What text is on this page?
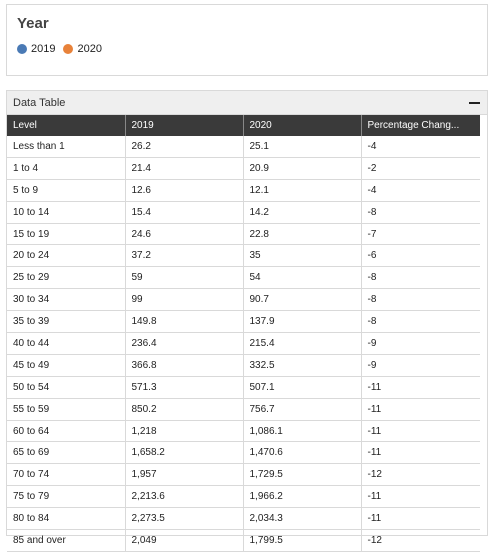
Year
2019 2020
Data Table
Level	2019	2020	Percentage Chang...
Less than 1	26.2	25.1	-4
1 to 4	21.4	20.9	-2
5 to 9	12.6	12.1	-4
10 to 14	15.4	14.2	-8
15 to 19	24.6	22.8	-7
20 to 24	37.2	35	-6
25 to 29	59	54	-8
30 to 34	99	90.7	-8
35 to 39	149.8	137.9	-8
40 to 44	236.4	215.4	-9
45 to 49	366.8	332.5	-9
50 to 54	571.3	507.1	-11
55 to 59	850.2	756.7	-11
60 to 64	1,218	1,086.1	-11
65 to 69	1,658.2	1,470.6	-11
70 to 74	1,957	1,729.5	-12
75 to 79	2,213.6	1,966.2	-11
80 to 84	2,273.5	2,034.3	-11
85 and over	2,049	1,799.5	-12
